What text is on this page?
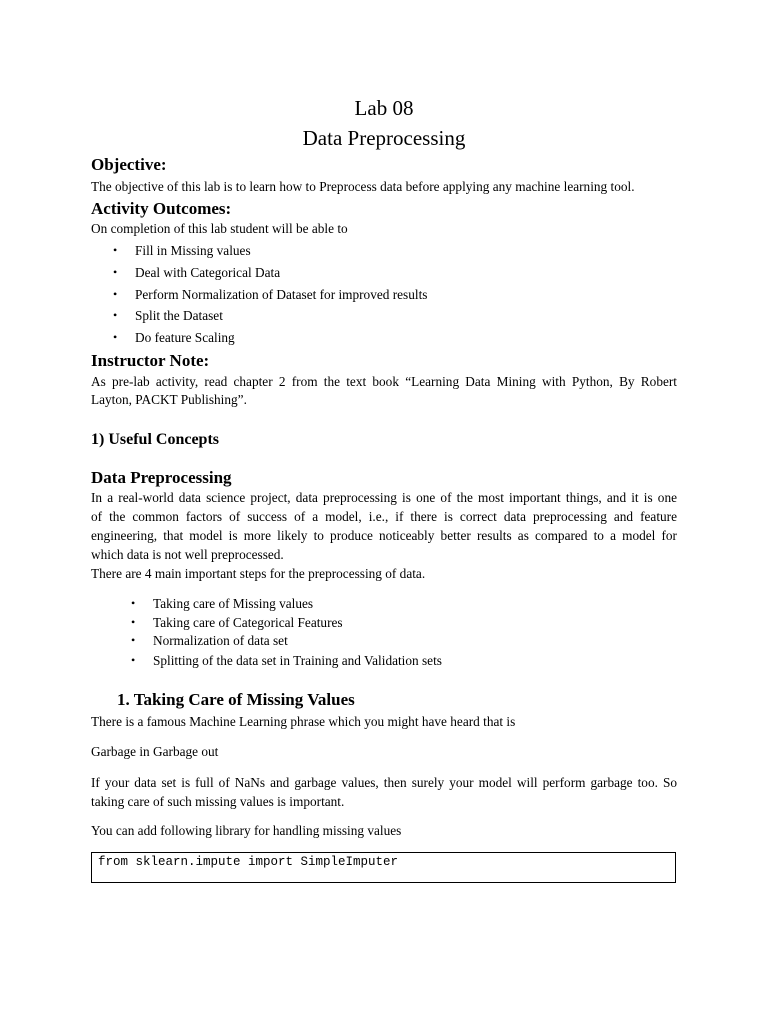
Lab 08
Data Preprocessing
Objective:
The objective of this lab is to learn how to Preprocess data before applying any machine learning tool.
Activity Outcomes:
On completion of this lab student will be able to
• Fill in Missing values
• Deal with Categorical Data
• Perform Normalization of Dataset for improved results
• Split the Dataset
• Do feature Scaling
Instructor Note:
As pre-lab activity, read chapter 2 from the text book “Learning Data Mining with Python, By Robert
Layton, PACKT Publishing”.
1) Useful Concepts
Data Preprocessing
In a real-world data science project, data preprocessing is one of the most important things, and it is one
of the common factors of success of a model, i.e., if there is correct data preprocessing and feature
engineering, that model is more likely to produce noticeably better results as compared to a model for
which data is not well preprocessed.
There are 4 main important steps for the preprocessing of data.
• Taking care of Missing values
• Taking care of Categorical Features
• Normalization of data set
• Splitting of the data set in Training and Validation sets
1. Taking Care of Missing Values
There is a famous Machine Learning phrase which you might have heard that is
Garbage in Garbage out
If your data set is full of NaNs and garbage values, then surely your model will perform garbage too. So
taking care of such missing values is important.
You can add following library for handling missing values
from sklearn.impute import SimpleImputer
